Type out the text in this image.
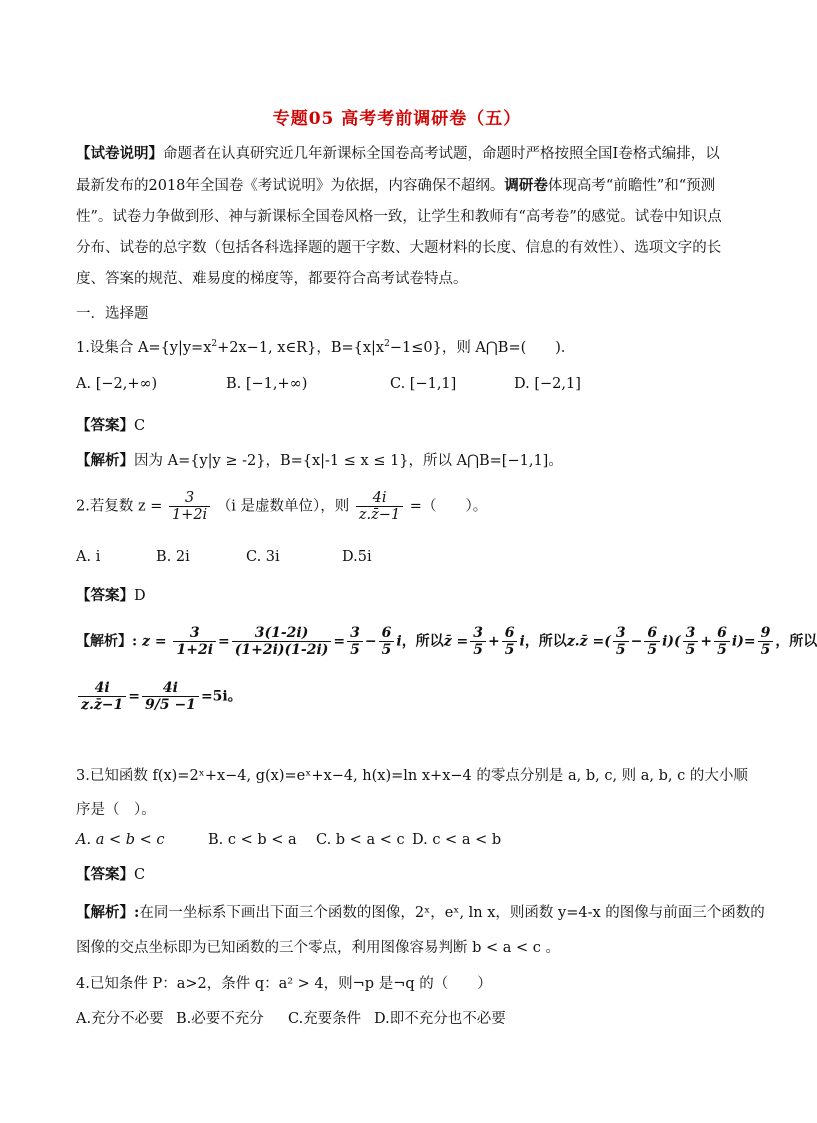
专题05 高考考前调研卷（五）
【试卷说明】命题者在认真研究近几年新课标全国卷高考试题，命题时严格按照全国Ⅰ卷格式编排，以最新发布的2018年全国卷《考试说明》为依据，内容确保不超纲。调研卷体现高考“前瞻性”和“预测性”。试卷力争做到形、神与新课标全国卷风格一致，让学生和教师有“高考卷”的感觉。试卷中知识点分布、试卷的总字数（包括各科选择题的题干字数、大题材料的长度、信息的有效性）、选项文字的长度、答案的规范、难易度的梯度等，都要符合高考试卷特点。
一．选择题
1.设集合 $A=\{y|y=x^2+2x-1$, x∈R}，$B=\{x|x^2-1\le 0\}$，则 A⋂B=(　　)．
A. [−2,+∞)	B. [−1,+∞)	C. [−1,1]	D. [−2,1]
【答案】C
【解析】因为 A={y|y ≥ -2}，B={x|-1 ≤ x ≤ 1}，所以 A⋂B=[−1,1]。
2.若复数 $z = \frac{3}{1+2i} (i$ 是虚数单位），则 $\frac{4i}{z.z̄-1}$ =（　　）。
A. i	B. 2i	C. 3i	D.5i
【答案】D
【解析】: $z = \frac{3}{1+2i} = \frac{3(1-2i)}{(1+2i)(1-2i)} = \frac{3}{5} - \frac{6}{5}$ i，所以z̄ = $\frac{3}{5} + \frac{6}{5}$ i，所以z.z̄ =( $\frac{3}{5} - \frac{6}{5} i)( \frac{3}{5} + \frac{6}{5} i)= \frac{9}{5}$ ，所以
$\frac{4i}{z.z̄-1} = \frac{4i}{9/5 -1} =5i$。
3.已知函数 f(x)=2ˣ+x−4, g(x)=eˣ+x−4, h(x)=ln x+x−4 的零点分别是 a, b, c, 则 a, b, c 的大小顺
序是（　）。
A. a < b < c	B. c < b < a C. b < a < c D. c < a < b
【答案】C
【解析】:在同一坐标系下画出下面三个函数的图像，2ˣ，eˣ, ln x，则函数 y=4-x 的图像与前面三个函数的
图像的交点坐标即为已知函数的三个零点，利用图像容易判断 b < a < c 。
4.已知条件 P：a>2，条件 q：a² > 4，则¬p 是¬q 的（　　）
A.充分不必要 B.必要不充分 C.充要条件 D.即不充分也不必要
